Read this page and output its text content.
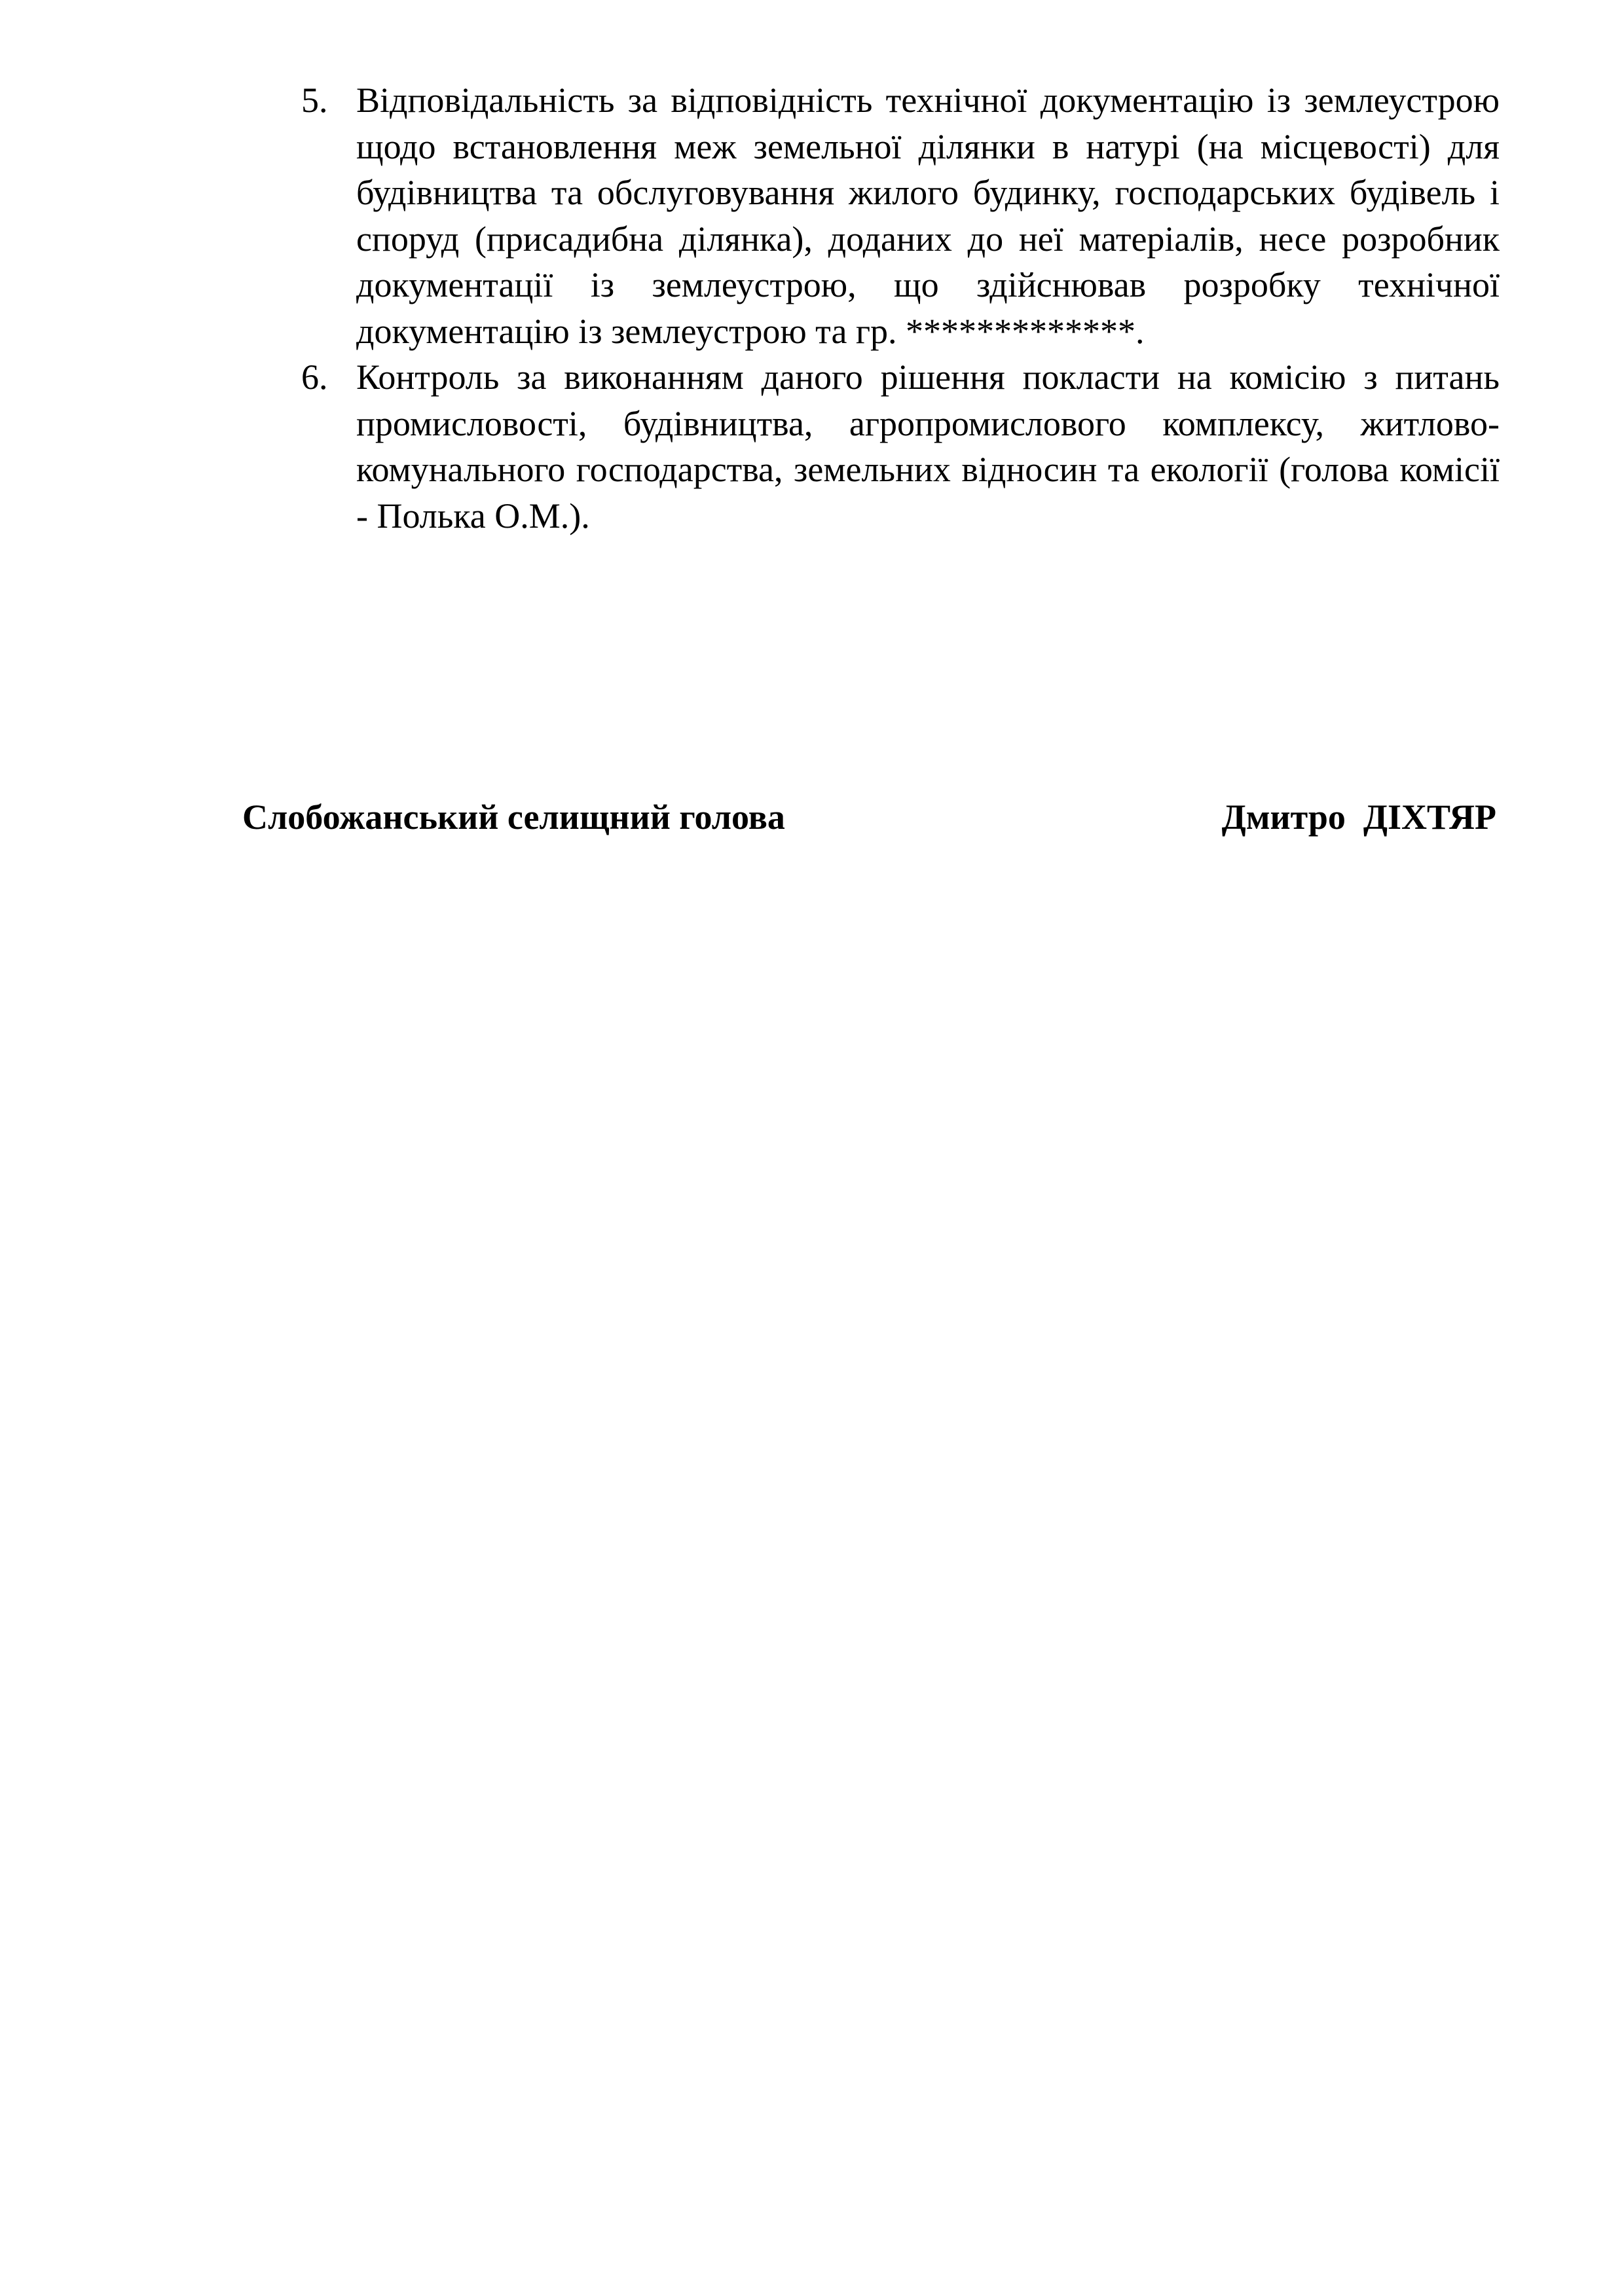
5. Відповідальність за відповідність технічної документацію із землеустрою щодо встановлення меж земельної ділянки в натурі (на місцевості) для будівництва та обслуговування жилого будинку, господарських будівель і споруд (присадибна ділянка), доданих до неї матеріалів, несе розробник документації із землеустрою, що здійснював розробку технічної документацію із землеустрою та гр. *************.
6. Контроль за виконанням даного рішення покласти на комісію з питань промисловості, будівництва, агропромислового комплексу, житлово-комунального господарства, земельних відносин та екології (голова комісії - Полька О.М.).
Слобожанський селищний голова	Дмитро  ДІХТЯР
